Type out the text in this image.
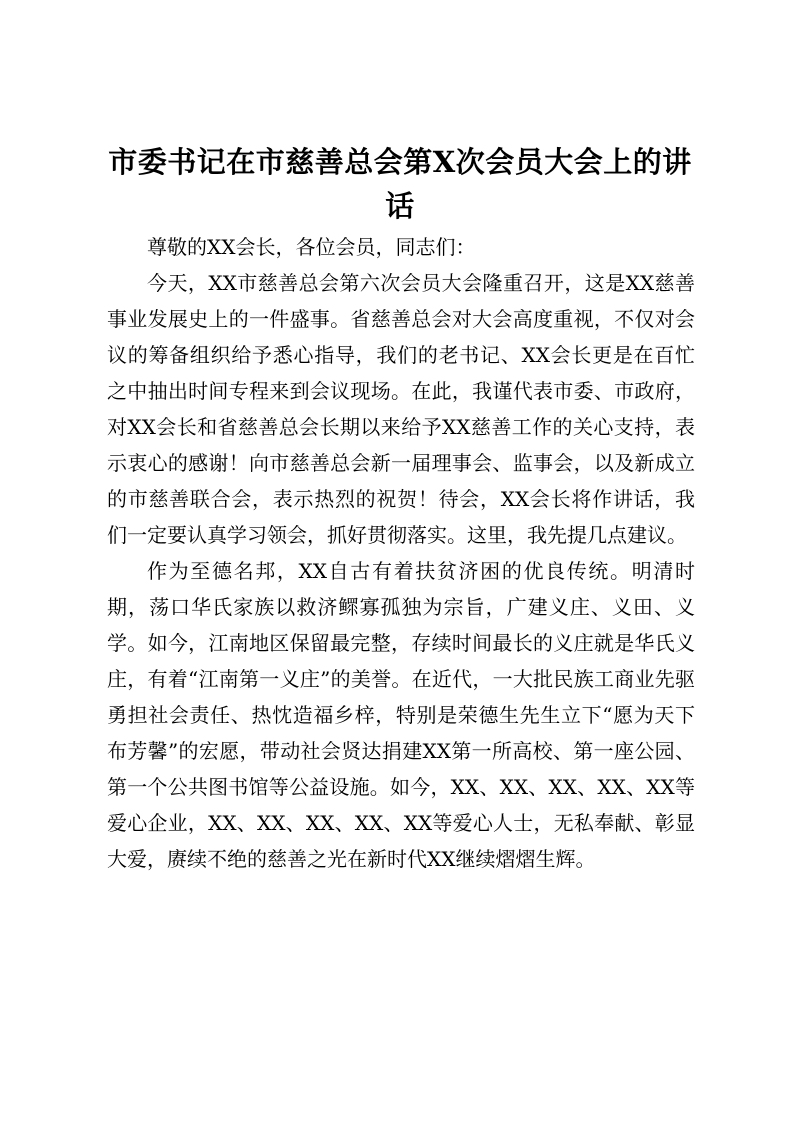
市委书记在市慈善总会第Ⅹ次会员大会上的讲话

尊敬的XX会长，各位会员，同志们：

今天，XX市慈善总会第六次会员大会隆重召开，这是XX慈善事业发展史上的一件盛事。省慈善总会对大会高度重视，不仅对会议的筹备组织给予悉心指导，我们的老书记、XX会长更是在百忙之中抽出时间专程来到会议现场。在此，我谨代表市委、市政府，对XX会长和省慈善总会长期以来给予XX慈善工作的关心支持，表示衷心的感谢！向市慈善总会新一届理事会、监事会，以及新成立的市慈善联合会，表示热烈的祝贺！待会，XX会长将作讲话，我们一定要认真学习领会，抓好贯彻落实。这里，我先提几点建议。

作为至德名邦，XX自古有着扶贫济困的优良传统。明清时期，荡口华氏家族以救济鳏寡孤独为宗旨，广建义庄、义田、义学。如今，江南地区保留最完整，存续时间最长的义庄就是华氏义庄，有着“江南第一义庄”的美誉。在近代，一大批民族工商业先驱勇担社会责任、热忱造福乡梓，特别是荣德生先生立下“愿为天下布芳馨”的宏愿，带动社会贤达捐建XX第一所高校、第一座公园、第一个公共图书馆等公益设施。如今，XX、XX、XX、XX、XX等爱心企业，XX、XX、XX、XX、XX等爱心人士，无私奉献、彰显大爱，赓续不绝的慈善之光在新时代XX继续熠熠生辉。
